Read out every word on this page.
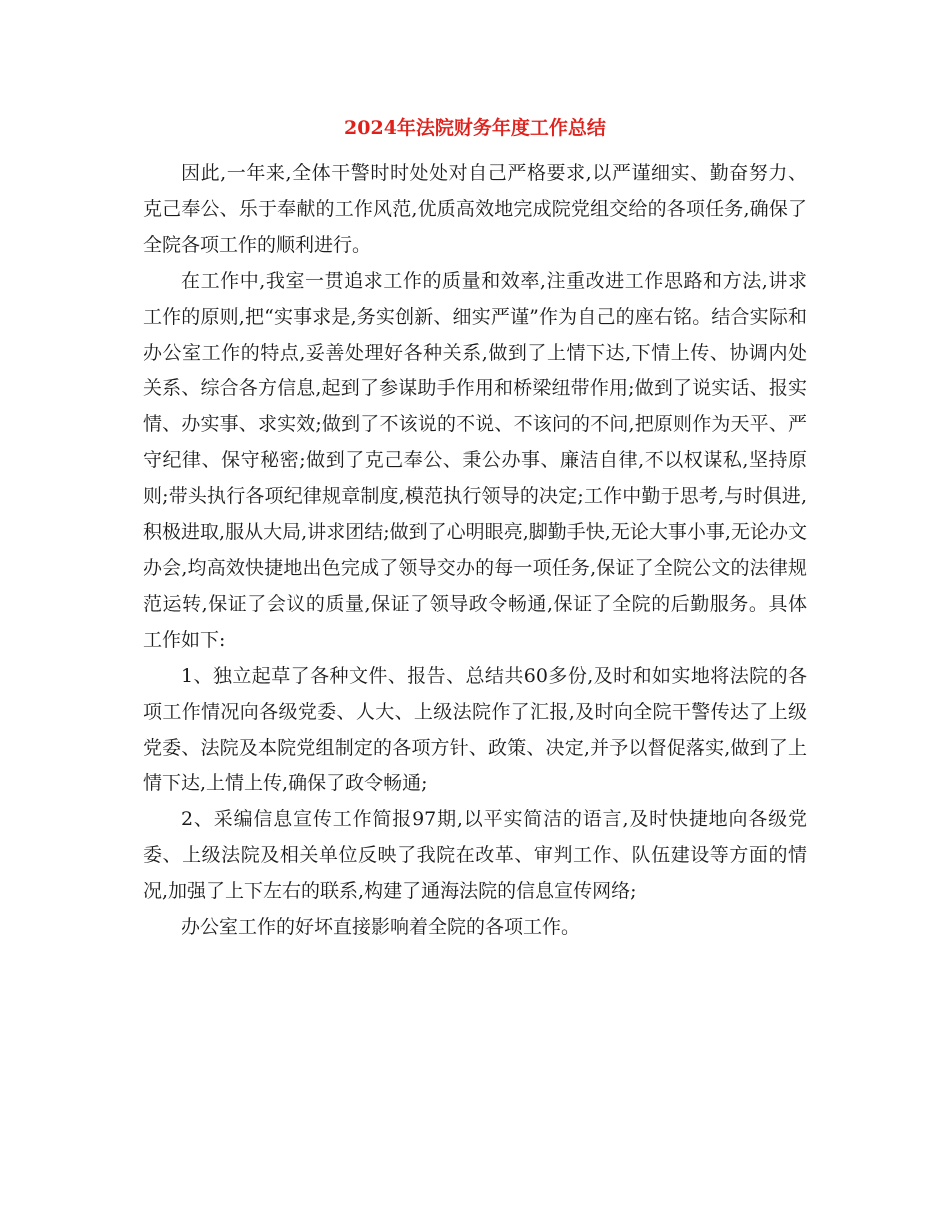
2024年法院财务年度工作总结

因此,一年来,全体干警时时处处对自己严格要求,以严谨细实、勤奋努力、克己奉公、乐于奉献的工作风范,优质高效地完成院党组交给的各项任务,确保了全院各项工作的顺利进行。

在工作中,我室一贯追求工作的质量和效率,注重改进工作思路和方法,讲求工作的原则,把“实事求是,务实创新、细实严谨”作为自己的座右铭。结合实际和办公室工作的特点,妥善处理好各种关系,做到了上情下达,下情上传、协调内处关系、综合各方信息,起到了参谋助手作用和桥梁纽带作用;做到了说实话、报实情、办实事、求实效;做到了不该说的不说、不该问的不问,把原则作为天平、严守纪律、保守秘密;做到了克己奉公、秉公办事、廉洁自律,不以权谋私,坚持原则;带头执行各项纪律规章制度,模范执行领导的决定;工作中勤于思考,与时俱进,积极进取,服从大局,讲求团结;做到了心明眼亮,脚勤手快,无论大事小事,无论办文办会,均高效快捷地出色完成了领导交办的每一项任务,保证了全院公文的法律规范运转,保证了会议的质量,保证了领导政令畅通,保证了全院的后勤服务。具体工作如下:

1、独立起草了各种文件、报告、总结共60多份,及时和如实地将法院的各项工作情况向各级党委、人大、上级法院作了汇报,及时向全院干警传达了上级党委、法院及本院党组制定的各项方针、政策、决定,并予以督促落实,做到了上情下达,上情上传,确保了政令畅通;

2、采编信息宣传工作简报97期,以平实简洁的语言,及时快捷地向各级党委、上级法院及相关单位反映了我院在改革、审判工作、队伍建设等方面的情况,加强了上下左右的联系,构建了通海法院的信息宣传网络;

办公室工作的好坏直接影响着全院的各项工作。
